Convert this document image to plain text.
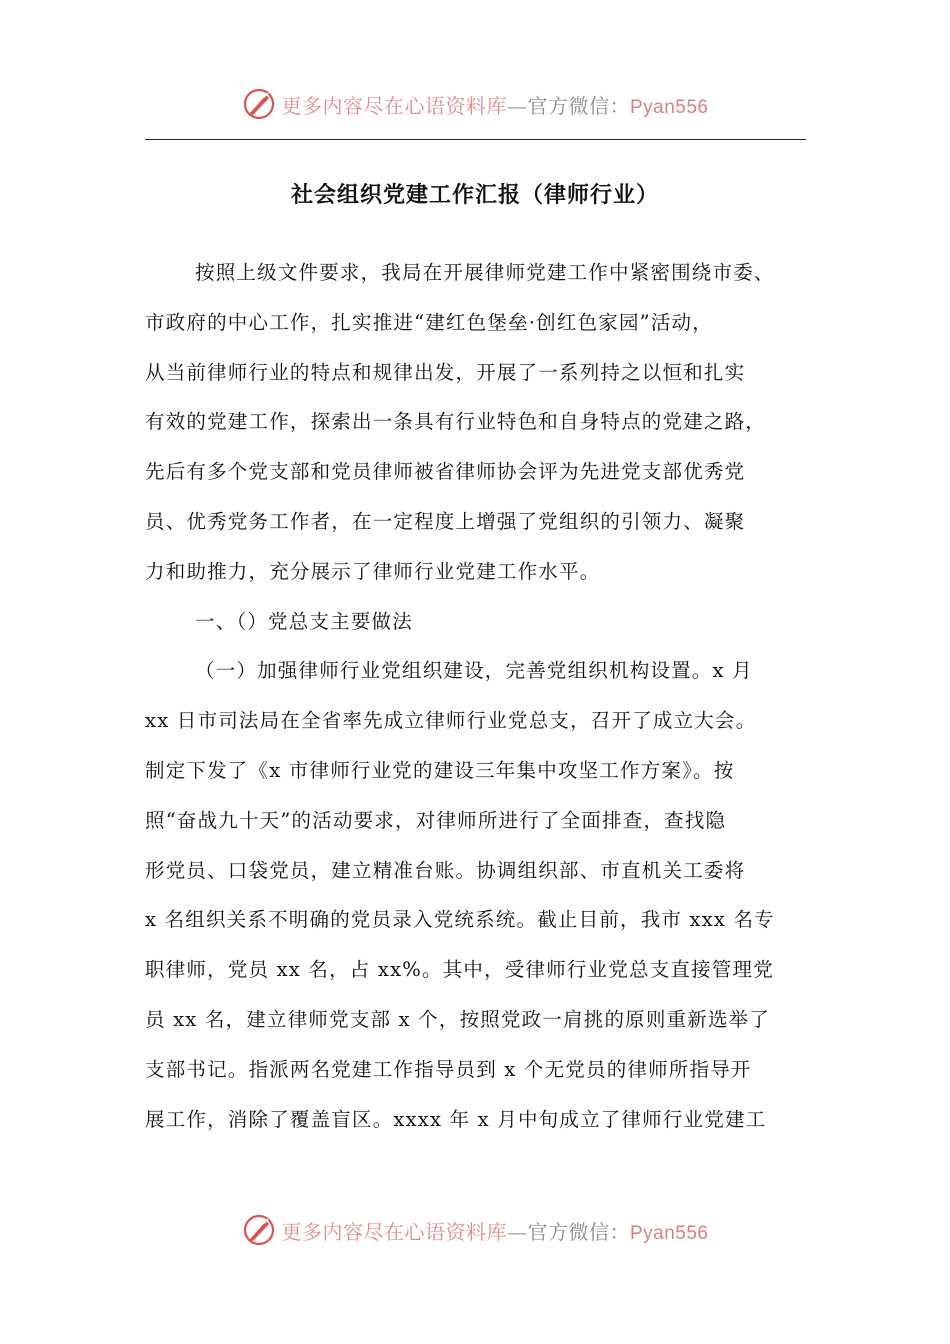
更多内容尽在心语资料库—官方微信：Pyan556
社会组织党建工作汇报（律师行业）
按照上级文件要求，我局在开展律师党建工作中紧密围绕市委、
市政府的中心工作，扎实推进“建红色堡垒·创红色家园”活动，
从当前律师行业的特点和规律出发，开展了一系列持之以恒和扎实
有效的党建工作，探索出一条具有行业特色和自身特点的党建之路，
先后有多个党支部和党员律师被省律师协会评为先进党支部优秀党
员、优秀党务工作者，在一定程度上增强了党组织的引领力、凝聚
力和助推力，充分展示了律师行业党建工作水平。
一、（）党总支主要做法
（一）加强律师行业党组织建设，完善党组织机构设置。x 月
xx 日市司法局在全省率先成立律师行业党总支，召开了成立大会。
制定下发了《x 市律师行业党的建设三年集中攻坚工作方案》。按
照“奋战九十天”的活动要求，对律师所进行了全面排查，查找隐
形党员、口袋党员，建立精准台账。协调组织部、市直机关工委将
x 名组织关系不明确的党员录入党统系统。截止目前，我市 xxx 名专
职律师，党员 xx 名，占 xx%。其中，受律师行业党总支直接管理党
员 xx 名，建立律师党支部 x 个，按照党政一肩挑的原则重新选举了
支部书记。指派两名党建工作指导员到 x 个无党员的律师所指导开
展工作，消除了覆盖盲区。xxxx 年 x 月中旬成立了律师行业党建工
更多内容尽在心语资料库—官方微信：Pyan556
